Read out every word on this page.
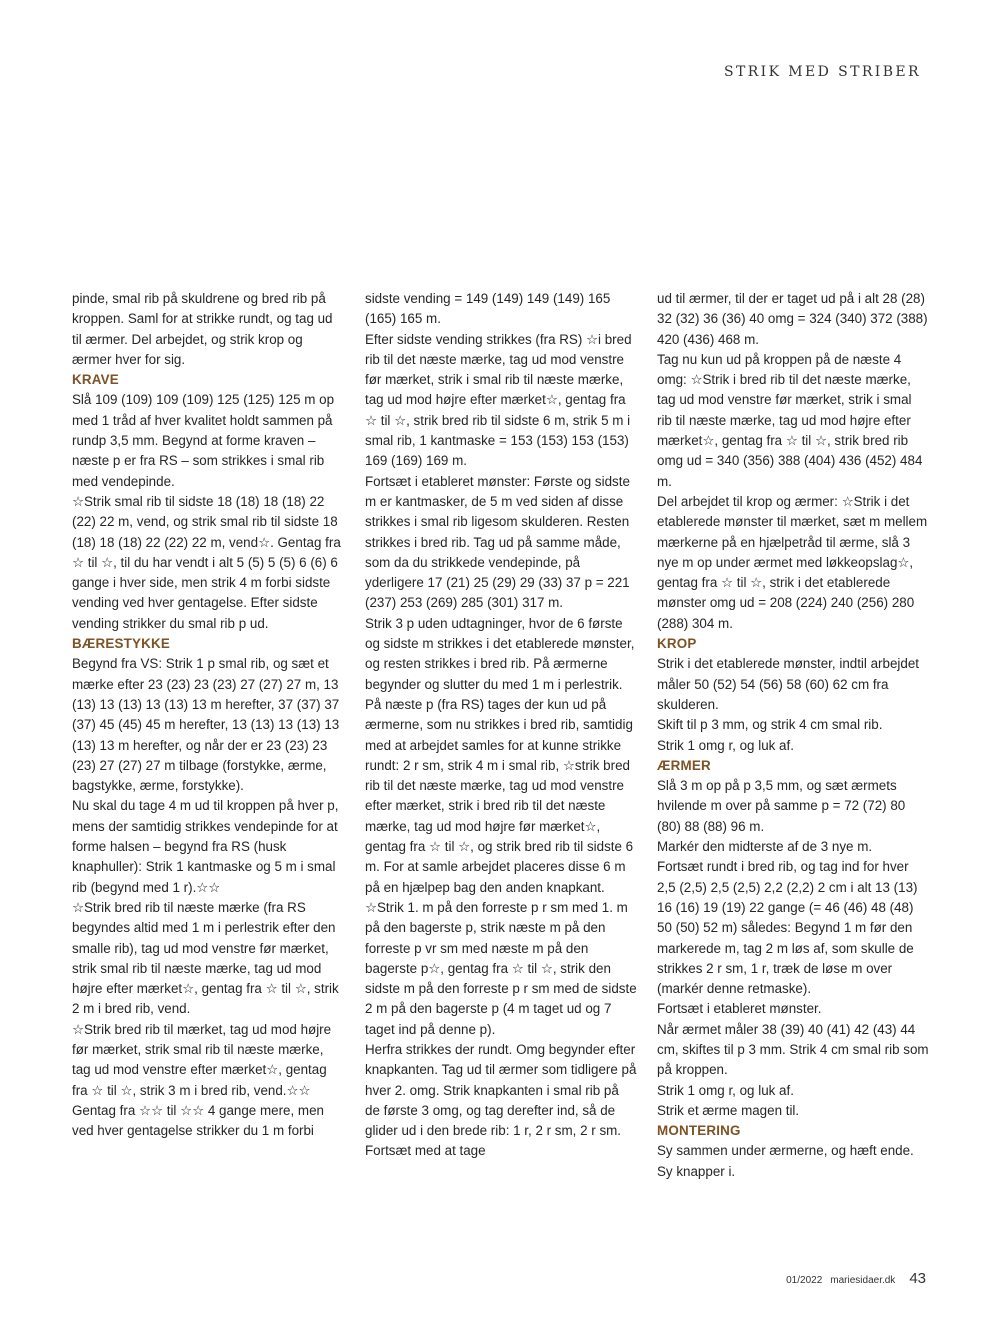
STRIK MED STRIBER

pinde, smal rib på skuldrene og bred rib på kroppen. Saml for at strikke rundt, og tag ud til ærmer. Del arbejdet, og strik krop og ærmer hver for sig.

KRAVE

Slå 109 (109) 109 (109) 125 (125) 125 m op med 1 tråd af hver kvalitet holdt sammen på rundp 3,5 mm. Begynd at forme kraven – næste p er fra RS – som strikkes i smal rib med vendepinde.

☆Strik smal rib til sidste 18 (18) 18 (18) 22 (22) 22 m, vend, og strik smal rib til sidste 18 (18) 18 (18) 22 (22) 22 m, vend☆. Gentag fra ☆ til ☆, til du har vendt i alt 5 (5) 5 (5) 6 (6) 6 gange i hver side, men strik 4 m forbi sidste vending ved hver gentagelse. Efter sidste vending strikker du smal rib p ud.

BÆRESTYKKE

Begynd fra VS: Strik 1 p smal rib, og sæt et mærke efter 23 (23) 23 (23) 27 (27) 27 m, 13 (13) 13 (13) 13 (13) 13 m herefter, 37 (37) 37 (37) 45 (45) 45 m herefter, 13 (13) 13 (13) 13 (13) 13 m herefter, og når der er 23 (23) 23 (23) 27 (27) 27 m tilbage (forstykke, ærme, bagstykke, ærme, forstykke).

Nu skal du tage 4 m ud til kroppen på hver p, mens der samtidig strikkes vendepinde for at forme halsen – begynd fra RS (husk knaphuller): Strik 1 kantmaske og 5 m i smal rib (begynd med 1 r).☆☆

☆Strik bred rib til næste mærke (fra RS begyndes altid med 1 m i perlestrik efter den smalle rib), tag ud mod venstre før mærket, strik smal rib til næste mærke, tag ud mod højre efter mærket☆, gentag fra ☆ til ☆, strik 2 m i bred rib, vend.

☆Strik bred rib til mærket, tag ud mod højre før mærket, strik smal rib til næste mærke, tag ud mod venstre efter mærket☆, gentag fra ☆ til ☆, strik 3 m i bred rib, vend.☆☆

Gentag fra ☆☆ til ☆☆ 4 gange mere, men ved hver gentagelse strikker du 1 m forbi

sidste vending = 149 (149) 149 (149) 165 (165) 165 m.

Efter sidste vending strikkes (fra RS) ☆i bred rib til det næste mærke, tag ud mod venstre før mærket, strik i smal rib til næste mærke, tag ud mod højre efter mærket☆, gentag fra ☆ til ☆, strik bred rib til sidste 6 m, strik 5 m i smal rib, 1 kantmaske = 153 (153) 153 (153) 169 (169) 169 m.

Fortsæt i etableret mønster: Første og sidste m er kantmasker, de 5 m ved siden af disse strikkes i smal rib ligesom skulderen. Resten strikkes i bred rib. Tag ud på samme måde, som da du strikkede vendepinde, på yderligere 17 (21) 25 (29) 29 (33) 37 p = 221 (237) 253 (269) 285 (301) 317 m.

Strik 3 p uden udtagninger, hvor de 6 første og sidste m strikkes i det etablerede mønster, og resten strikkes i bred rib. På ærmerne begynder og slutter du med 1 m i perlestrik.

På næste p (fra RS) tages der kun ud på ærmerne, som nu strikkes i bred rib, samtidig med at arbejdet samles for at kunne strikke rundt: 2 r sm, strik 4 m i smal rib, ☆strik bred rib til det næste mærke, tag ud mod venstre efter mærket, strik i bred rib til det næste mærke, tag ud mod højre før mærket☆, gentag fra ☆ til ☆, og strik bred rib til sidste 6 m. For at samle arbejdet placeres disse 6 m på en hjælpep bag den anden knapkant. ☆Strik 1. m på den forreste p r sm med 1. m på den bagerste p, strik næste m på den forreste p vr sm med næste m på den bagerste p☆, gentag fra ☆ til ☆, strik den sidste m på den forreste p r sm med de sidste 2 m på den bagerste p (4 m taget ud og 7 taget ind på denne p).

Herfra strikkes der rundt. Omg begynder efter knapkanten. Tag ud til ærmer som tidligere på hver 2. omg. Strik knapkanten i smal rib på de første 3 omg, og tag derefter ind, så de glider ud i den brede rib: 1 r, 2 r sm, 2 r sm. Fortsæt med at tage

ud til ærmer, til der er taget ud på i alt 28 (28) 32 (32) 36 (36) 40 omg = 324 (340) 372 (388) 420 (436) 468 m.

Tag nu kun ud på kroppen på de næste 4 omg: ☆Strik i bred rib til det næste mærke, tag ud mod venstre før mærket, strik i smal rib til næste mærke, tag ud mod højre efter mærket☆, gentag fra ☆ til ☆, strik bred rib omg ud = 340 (356) 388 (404) 436 (452) 484 m.

Del arbejdet til krop og ærmer: ☆Strik i det etablerede mønster til mærket, sæt m mellem mærkerne på en hjælpetråd til ærme, slå 3 nye m op under ærmet med løkkeopslag☆, gentag fra ☆ til ☆, strik i det etablerede mønster omg ud = 208 (224) 240 (256) 280 (288) 304 m.

KROP

Strik i det etablerede mønster, indtil arbejdet måler 50 (52) 54 (56) 58 (60) 62 cm fra skulderen.

Skift til p 3 mm, og strik 4 cm smal rib.

Strik 1 omg r, og luk af.

ÆRMER

Slå 3 m op på p 3,5 mm, og sæt ærmets hvilende m over på samme p = 72 (72) 80 (80) 88 (88) 96 m.

Markér den midterste af de 3 nye m.

Fortsæt rundt i bred rib, og tag ind for hver 2,5 (2,5) 2,5 (2,5) 2,2 (2,2) 2 cm i alt 13 (13) 16 (16) 19 (19) 22 gange (= 46 (46) 48 (48) 50 (50) 52 m) således: Begynd 1 m før den markerede m, tag 2 m løs af, som skulle de strikkes 2 r sm, 1 r, træk de løse m over (markér denne retmaske).

Fortsæt i etableret mønster.

Når ærmet måler 38 (39) 40 (41) 42 (43) 44 cm, skiftes til p 3 mm. Strik 4 cm smal rib som på kroppen.

Strik 1 omg r, og luk af.

Strik et ærme magen til.

MONTERING

Sy sammen under ærmerne, og hæft ende. Sy knapper i.

01/2022 mariesidaer.dk 43
